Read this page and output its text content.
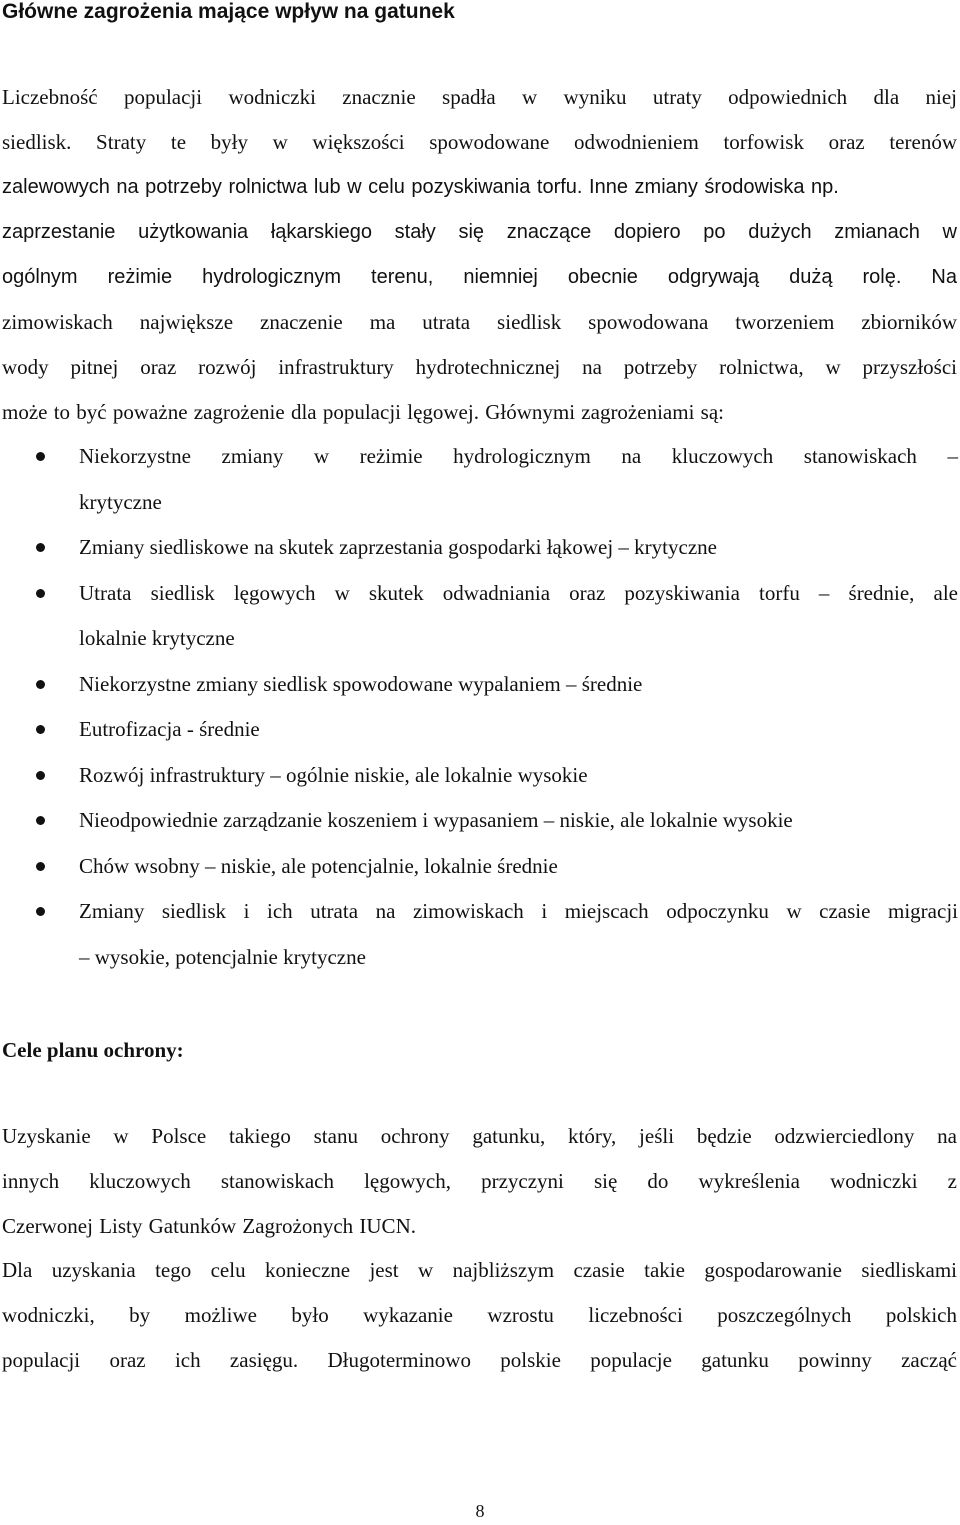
Główne zagrożenia mające wpływ na gatunek
Liczebność populacji wodniczki znacznie spadła w wyniku utraty odpowiednich dla niej
siedlisk. Straty te były w większości spowodowane odwodnieniem torfowisk oraz terenów
zalewowych na potrzeby rolnictwa lub w celu pozyskiwania torfu. Inne zmiany środowiska np.
zaprzestanie użytkowania łąkarskiego stały się znaczące dopiero po dużych zmianach w
ogólnym reżimie hydrologicznym terenu, niemniej obecnie odgrywają dużą rolę. Na
zimowiskach największe znaczenie ma utrata siedlisk spowodowana tworzeniem zbiorników
wody pitnej oraz rozwój infrastruktury hydrotechnicznej na potrzeby rolnictwa, w przyszłości
może to być poważne zagrożenie dla populacji lęgowej. Głównymi zagrożeniami są:
Niekorzystne zmiany w reżimie hydrologicznym na kluczowych stanowiskach –
krytyczne
Zmiany siedliskowe na skutek zaprzestania gospodarki łąkowej – krytyczne
Utrata siedlisk lęgowych w skutek odwadniania oraz pozyskiwania torfu – średnie, ale
lokalnie krytyczne
Niekorzystne zmiany siedlisk spowodowane wypalaniem – średnie
Eutrofizacja - średnie
Rozwój infrastruktury – ogólnie niskie, ale lokalnie wysokie
Nieodpowiednie zarządzanie koszeniem i wypasaniem – niskie, ale lokalnie wysokie
Chów wsobny – niskie, ale potencjalnie, lokalnie średnie
Zmiany siedlisk i ich utrata na zimowiskach i miejscach odpoczynku w czasie migracji
– wysokie, potencjalnie krytyczne
Cele planu ochrony:
Uzyskanie w Polsce takiego stanu ochrony gatunku, który, jeśli będzie odzwierciedlony na
innych kluczowych stanowiskach lęgowych, przyczyni się do wykreślenia wodniczki z
Czerwonej Listy Gatunków Zagrożonych IUCN.
Dla uzyskania tego celu konieczne jest w najbliższym czasie takie gospodarowanie siedliskami
wodniczki, by możliwe było wykazanie wzrostu liczebności poszczególnych polskich
populacji oraz ich zasięgu. Długoterminowo polskie populacje gatunku powinny zacząć
8
